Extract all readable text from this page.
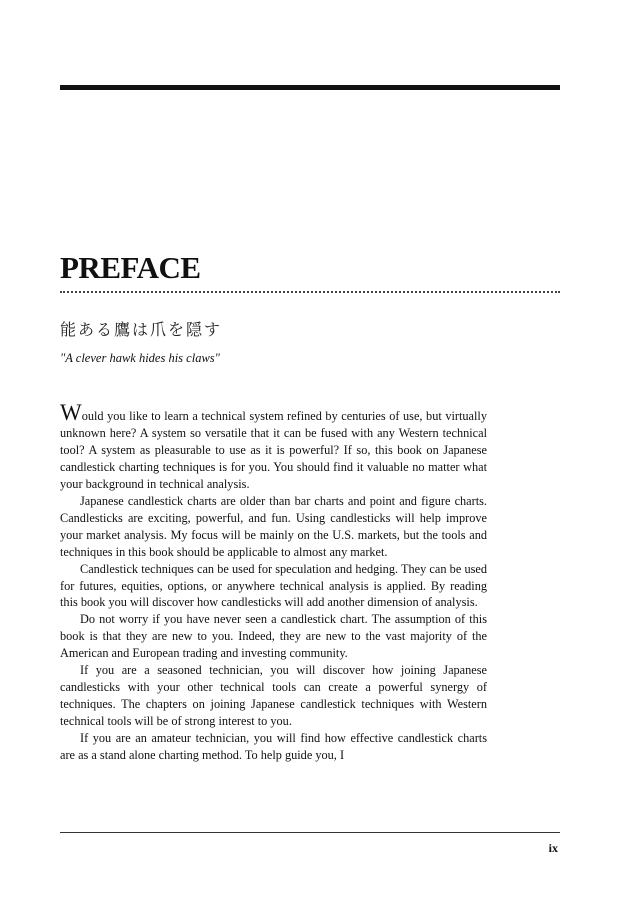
PREFACE
能ある鷹は爪を隠す
"A clever hawk hides his claws"

Would you like to learn a technical system refined by centuries of use, but virtually unknown here? A system so versatile that it can be fused with any Western technical tool? A system as pleasurable to use as it is powerful? If so, this book on Japanese candlestick charting techniques is for you. You should find it valuable no matter what your background in technical analysis.

Japanese candlestick charts are older than bar charts and point and figure charts. Candlesticks are exciting, powerful, and fun. Using candlesticks will help improve your market analysis. My focus will be mainly on the U.S. markets, but the tools and techniques in this book should be applicable to almost any market.

Candlestick techniques can be used for speculation and hedging. They can be used for futures, equities, options, or anywhere technical analysis is applied. By reading this book you will discover how candlesticks will add another dimension of analysis.

Do not worry if you have never seen a candlestick chart. The assumption of this book is that they are new to you. Indeed, they are new to the vast majority of the American and European trading and investing community.

If you are a seasoned technician, you will discover how joining Japanese candlesticks with your other technical tools can create a powerful synergy of techniques. The chapters on joining Japanese candlestick techniques with Western technical tools will be of strong interest to you.

If you are an amateur technician, you will find how effective candlestick charts are as a stand alone charting method. To help guide you, I

ix
